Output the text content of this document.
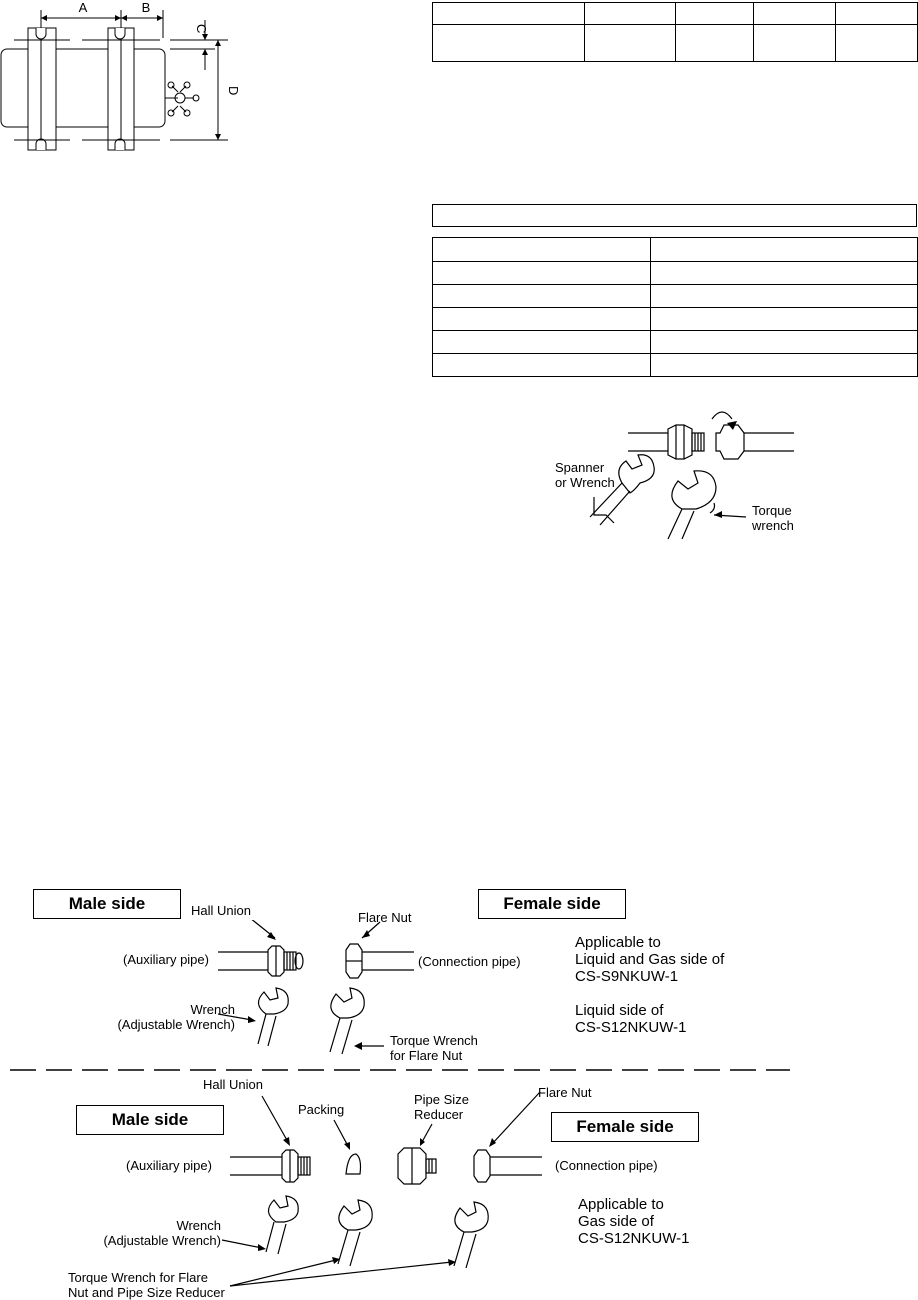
A	B
C
D

Spanner
or Wrench
Torque
wrench
Male side	Female side
Hall Union	Flare Nut
(Auxiliary pipe)	(Connection pipe)
Wrench
(Adjustable Wrench)
Torque Wrench
for Flare Nut
Applicable to
Liquid and Gas side of
CS-S9NKUW-1
Liquid side of
CS-S12NKUW-1
Male side	Female side
Hall Union
Packing
Pipe Size
Reducer
Flare Nut
(Auxiliary pipe)	(Connection pipe)
Wrench
(Adjustable Wrench)
Torque Wrench for Flare
Nut and Pipe Size Reducer
Applicable to
Gas side of
CS-S12NKUW-1
